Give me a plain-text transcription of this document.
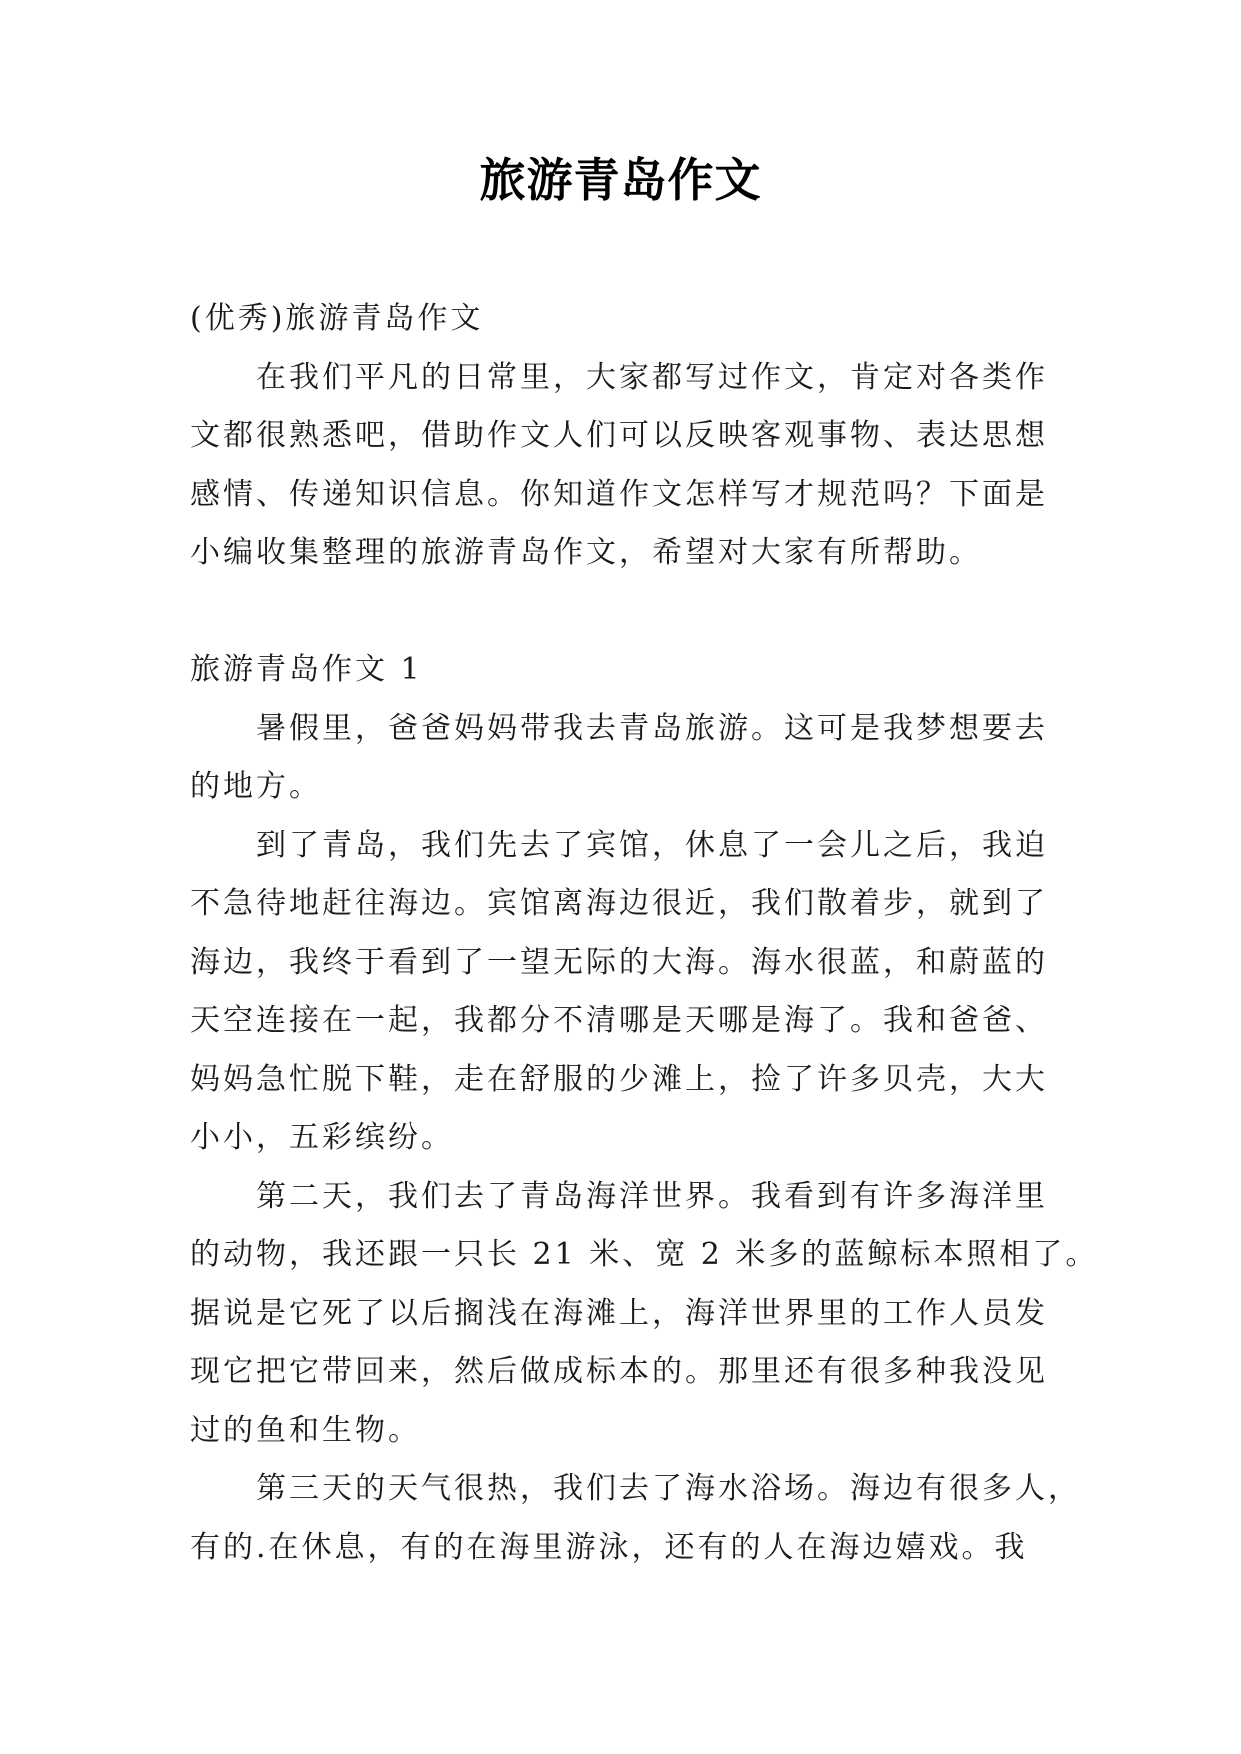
旅游青岛作文
(优秀)旅游青岛作文
在我们平凡的日常里，大家都写过作文，肯定对各类作
文都很熟悉吧，借助作文人们可以反映客观事物、表达思想
感情、传递知识信息。你知道作文怎样写才规范吗？下面是
小编收集整理的旅游青岛作文，希望对大家有所帮助。
旅游青岛作文 1
暑假里，爸爸妈妈带我去青岛旅游。这可是我梦想要去
的地方。
到了青岛，我们先去了宾馆，休息了一会儿之后，我迫
不急待地赶往海边。宾馆离海边很近，我们散着步，就到了
海边，我终于看到了一望无际的大海。海水很蓝，和蔚蓝的
天空连接在一起，我都分不清哪是天哪是海了。我和爸爸、
妈妈急忙脱下鞋，走在舒服的少滩上，捡了许多贝壳，大大
小小，五彩缤纷。
第二天，我们去了青岛海洋世界。我看到有许多海洋里
的动物，我还跟一只长 21 米、宽 2 米多的蓝鲸标本照相了。
据说是它死了以后搁浅在海滩上，海洋世界里的工作人员发
现它把它带回来，然后做成标本的。那里还有很多种我没见
过的鱼和生物。
第三天的天气很热，我们去了海水浴场。海边有很多人，
有的.在休息，有的在海里游泳，还有的人在海边嬉戏。我
